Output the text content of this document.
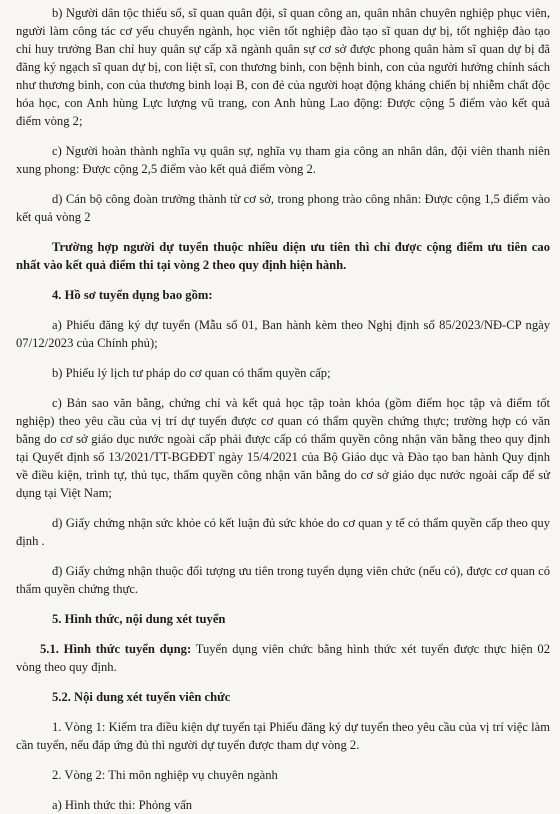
b) Người dân tộc thiểu số, sĩ quan quân đội, sĩ quan công an, quân nhân chuyên nghiệp phục viên, người làm công tác cơ yếu chuyển ngành, học viên tốt nghiệp đào tạo sĩ quan dự bị, tốt nghiệp đào tạo chỉ huy trưởng Ban chỉ huy quân sự cấp xã ngành quân sự cơ sở được phong quân hàm sĩ quan dự bị đã đăng ký ngạch sĩ quan dự bị, con liệt sĩ, con thương binh, con bệnh binh, con của người hưởng chính sách như thương binh, con của thương binh loại B, con đẻ của người hoạt động kháng chiến bị nhiễm chất độc hóa học, con Anh hùng Lực lượng vũ trang, con Anh hùng Lao động: Được cộng 5 điểm vào kết quả điểm vòng 2;

c) Người hoàn thành nghĩa vụ quân sự, nghĩa vụ tham gia công an nhân dân, đội viên thanh niên xung phong: Được cộng 2,5 điểm vào kết quả điểm vòng 2.

d) Cán bộ công đoàn trưởng thành từ cơ sở, trong phong trào công nhân: Được cộng 1,5 điểm vào kết quả vòng 2

Trường hợp người dự tuyển thuộc nhiều diện ưu tiên thì chỉ được cộng điểm ưu tiên cao nhất vào kết quả điểm thi tại vòng 2 theo quy định hiện hành.

4. Hồ sơ tuyển dụng bao gồm:

a) Phiếu đăng ký dự tuyển (Mẫu số 01, Ban hành kèm theo Nghị định số 85/2023/NĐ-CP ngày 07/12/2023 của Chính phủ);

b) Phiếu lý lịch tư pháp do cơ quan có thẩm quyền cấp;

c) Bản sao văn bằng, chứng chỉ và kết quả học tập toàn khóa (gồm điểm học tập và điểm tốt nghiệp) theo yêu cầu của vị trí dự tuyển được cơ quan có thẩm quyền chứng thực; trường hợp có văn bằng do cơ sở giáo dục nước ngoài cấp phải được cấp có thẩm quyền công nhận văn bằng theo quy định tại Quyết định số 13/2021/TT-BGĐĐT ngày 15/4/2021 của Bộ Giáo dục và Đào tạo ban hành Quy định về điều kiện, trình tự, thủ tục, thẩm quyền công nhận văn bằng do cơ sở giáo dục nước ngoài cấp để sử dụng tại Việt Nam;

d) Giấy chứng nhận sức khỏe có kết luận đủ sức khỏe do cơ quan y tế có thẩm quyền cấp theo quy định .

đ) Giấy chứng nhận thuộc đối tượng ưu tiên trong tuyển dụng viên chức (nếu có), được cơ quan có thẩm quyền chứng thực.

5. Hình thức, nội dung xét tuyển

5.1. Hình thức tuyển dụng: Tuyển dụng viên chức bằng hình thức xét tuyển được thực hiện 02 vòng theo quy định.

5.2. Nội dung xét tuyển viên chức

1. Vòng 1: Kiểm tra điều kiện dự tuyển tại Phiếu đăng ký dự tuyển theo yêu cầu của vị trí việc làm cần tuyển, nếu đáp ứng đủ thì người dự tuyển được tham dự vòng 2.

2. Vòng 2: Thi môn nghiệp vụ chuyên ngành

a) Hình thức thi: Phỏng vấn
